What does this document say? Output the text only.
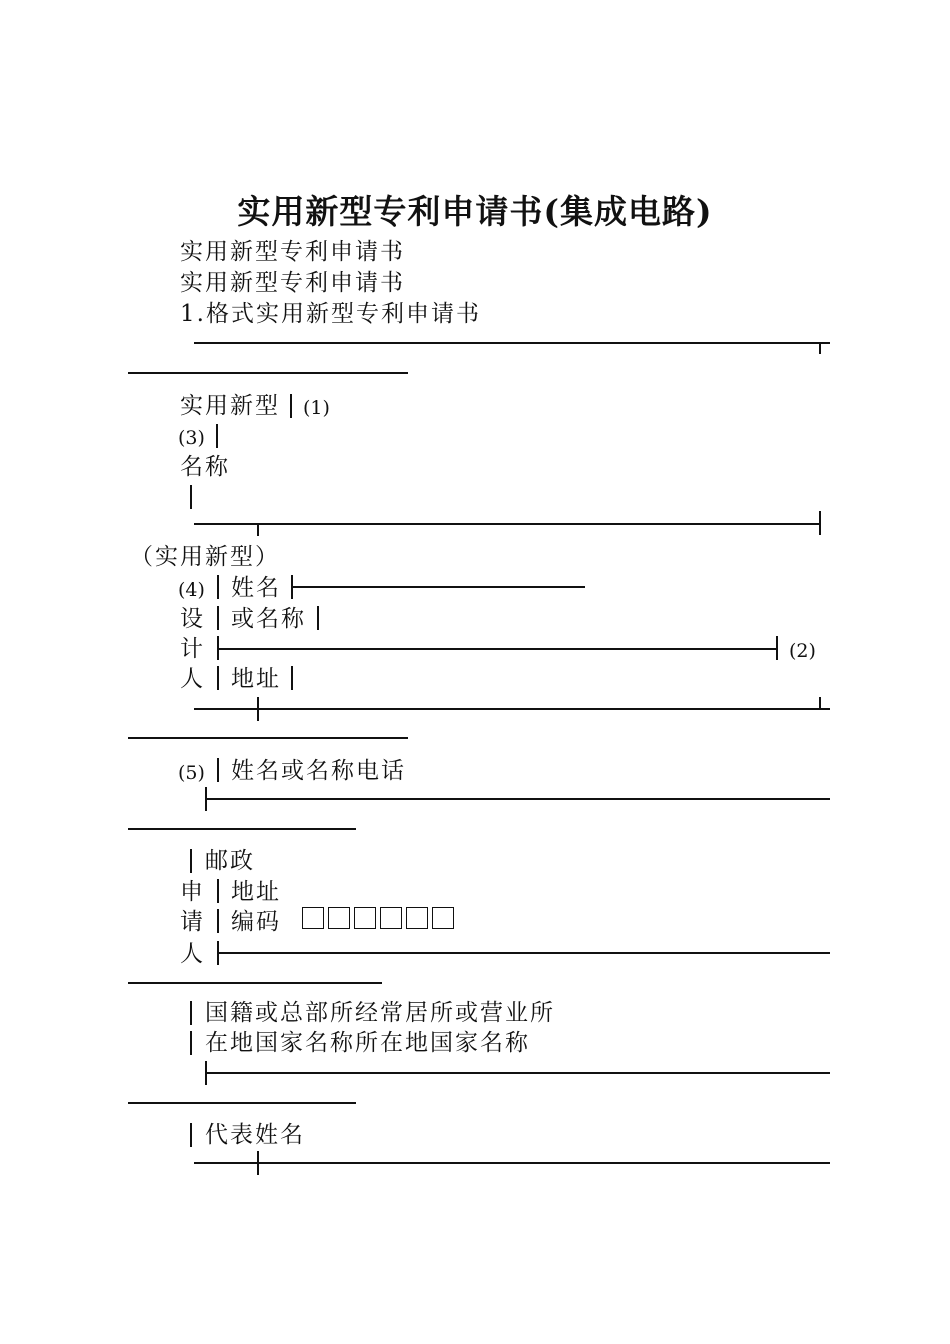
实用新型专利申请书(集成电路)
实用新型专利申请书
实用新型专利申请书
1.格式实用新型专利申请书
实用新型 (1)
(3)
名称
（实用新型）
(4) 姓名
设 或名称
计	(2)
人 地址
(5) 姓名或名称电话
邮政
申 地址

请 编码
人
国籍或总部所经常居所或营业所
在地国家名称所在地国家名称
代表姓名
